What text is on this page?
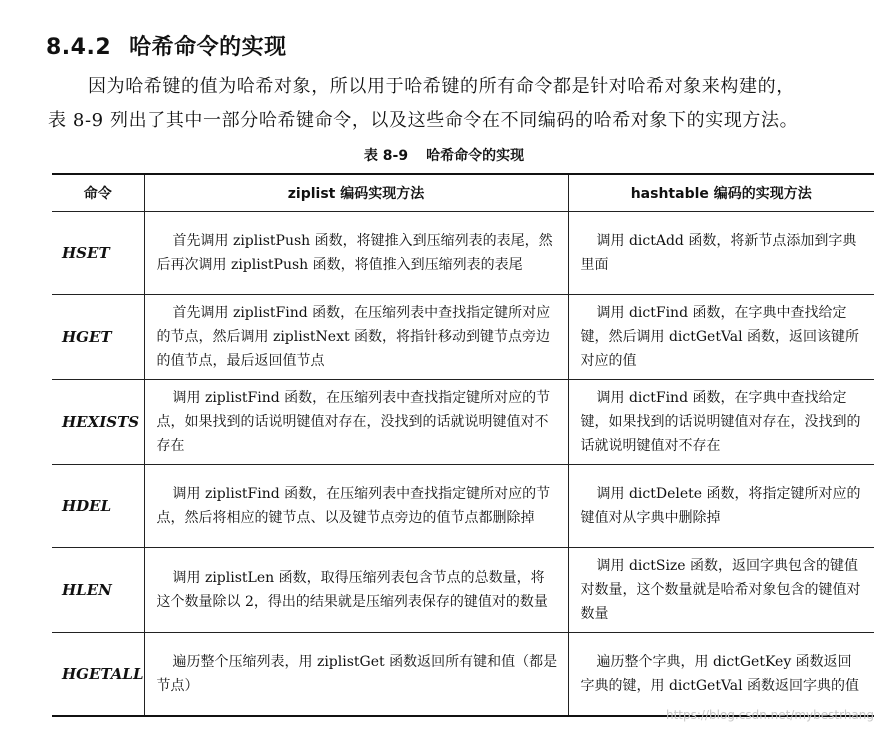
8.4.2 哈希命令的实现

因为哈希键的值为哈希对象，所以用于哈希键的所有命令都是针对哈希对象来构建的，

表 8-9 列出了其中一部分哈希键命令，以及这些命令在不同编码的哈希对象下的实现方法。

表 8-9 哈希命令的实现
命令	ziplist 编码实现方法	hashtable 编码的实现方法
HSET	首先调用 ziplistPush 函数，将键推入到压缩列表的表尾，然后再次调用 ziplistPush 函数，将值推入到压缩列表的表尾	调用 dictAdd 函数，将新节点添加到字典里面
HGET	首先调用 ziplistFind 函数，在压缩列表中查找指定键所对应的节点，然后调用 ziplistNext 函数，将指针移动到键节点旁边的值节点，最后返回值节点	调用 dictFind 函数，在字典中查找给定键，然后调用 dictGetVal 函数，返回该键所对应的值
HEXISTS	调用 ziplistFind 函数，在压缩列表中查找指定键所对应的节点，如果找到的话说明键值对存在，没找到的话就说明键值对不存在	调用 dictFind 函数，在字典中查找给定键，如果找到的话说明键值对存在，没找到的话就说明键值对不存在
HDEL	调用 ziplistFind 函数，在压缩列表中查找指定键所对应的节点，然后将相应的键节点、以及键节点旁边的值节点都删除掉	调用 dictDelete 函数，将指定键所对应的键值对从字典中删除掉
HLEN	调用 ziplistLen 函数，取得压缩列表包含节点的总数量，将这个数量除以 2，得出的结果就是压缩列表保存的键值对的数量	调用 dictSize 函数，返回字典包含的键值对数量，这个数量就是哈希对象包含的键值对数量
HGETALL	遍历整个压缩列表，用 ziplistGet 函数返回所有键和值（都是节点）	遍历整个字典，用 dictGetKey 函数返回字典的键，用 dictGetVal 函数返回字典的值
https://blog.csdn.net/mybestrhang
